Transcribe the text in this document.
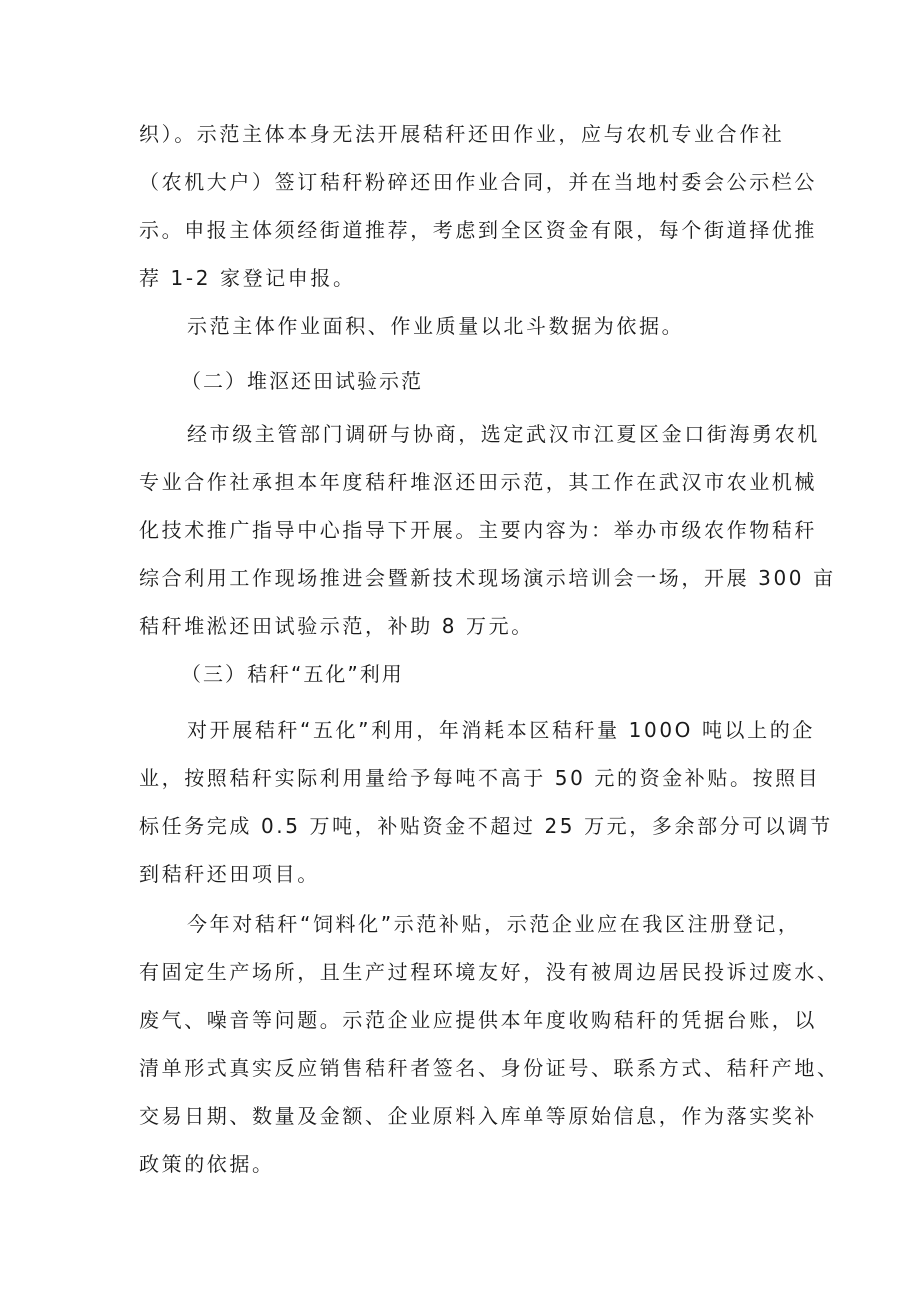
织）。示范主体本身无法开展秸秆还田作业，应与农机专业合作社
（农机大户）签订秸秆粉碎还田作业合同，并在当地村委会公示栏公
示。申报主体须经街道推荐，考虑到全区资金有限，每个街道择优推
荐 1-2 家登记申报。
示范主体作业面积、作业质量以北斗数据为依据。
（二）堆沤还田试验示范
经市级主管部门调研与协商，选定武汉市江夏区金口街海勇农机
专业合作社承担本年度秸秆堆沤还田示范，其工作在武汉市农业机械
化技术推广指导中心指导下开展。主要内容为：举办市级农作物秸秆
综合利用工作现场推进会暨新技术现场演示培训会一场，开展 300 亩
秸秆堆淞还田试验示范，补助 8 万元。
（三）秸秆“五化”利用
对开展秸秆“五化”利用，年消耗本区秸秆量 100O 吨以上的企
业，按照秸秆实际利用量给予每吨不高于 50 元的资金补贴。按照目
标任务完成 0.5 万吨，补贴资金不超过 25 万元，多余部分可以调节
到秸秆还田项目。
今年对秸秆“饲料化”示范补贴，示范企业应在我区注册登记，
有固定生产场所，且生产过程环境友好，没有被周边居民投诉过废水、
废气、噪音等问题。示范企业应提供本年度收购秸秆的凭据台账，以
清单形式真实反应销售秸秆者签名、身份证号、联系方式、秸秆产地、
交易日期、数量及金额、企业原料入库单等原始信息，作为落实奖补
政策的依据。
